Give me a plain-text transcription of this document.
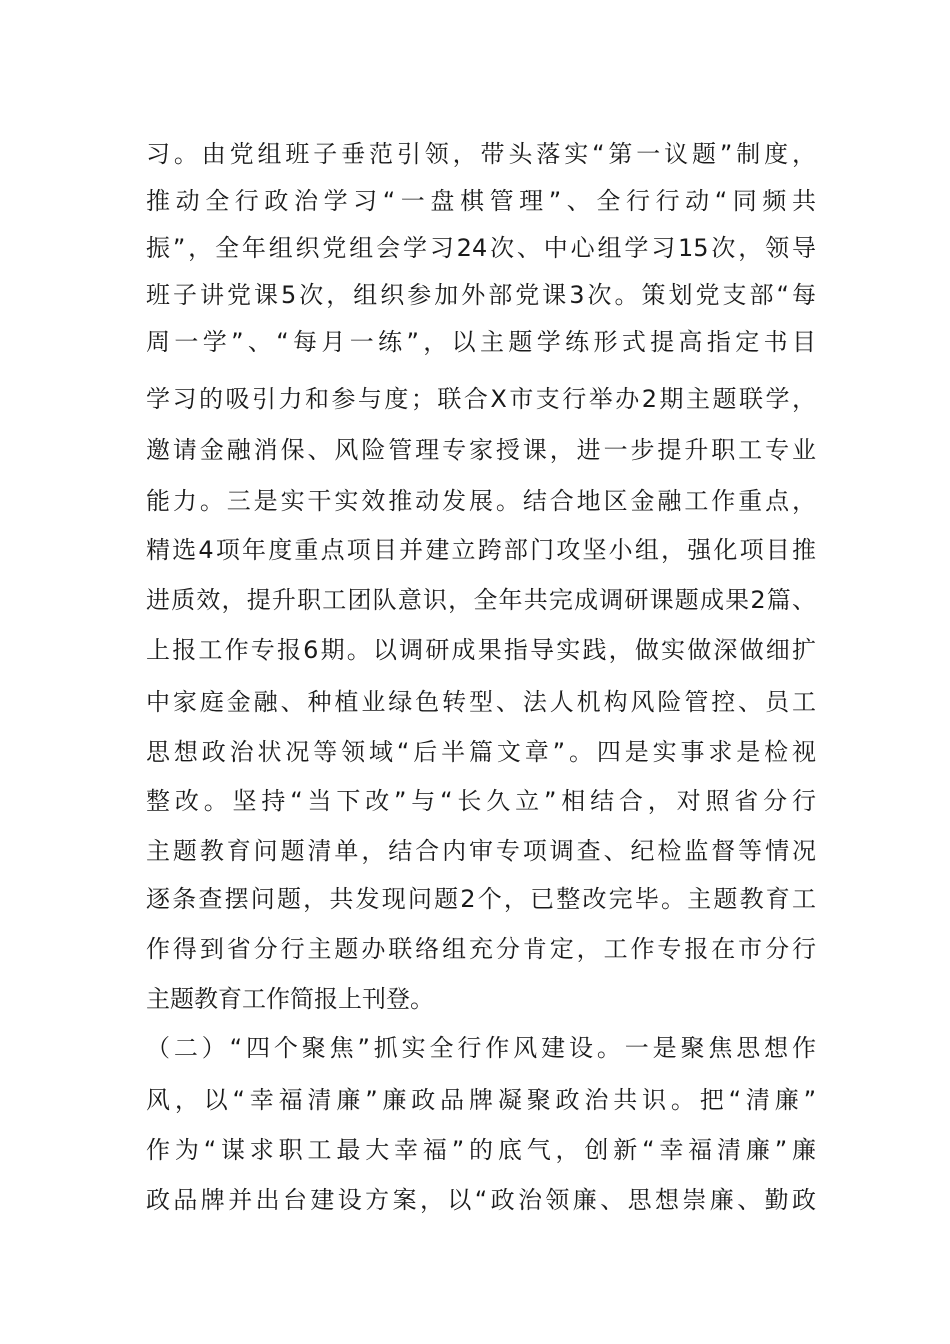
习。由党组班子垂范引领，带头落实“第一议题”制度，
推动全行政治学习“一盘棋管理”、全行行动“同频共
振”，全年组织党组会学习24次、中心组学习15次，领导
班子讲党课5次，组织参加外部党课3次。策划党支部“每
周一学”、“每月一练”，以主题学练形式提高指定书目
学习的吸引力和参与度；联合X市支行举办2期主题联学，
邀请金融消保、风险管理专家授课，进一步提升职工专业
能力。三是实干实效推动发展。结合地区金融工作重点，
精选4项年度重点项目并建立跨部门攻坚小组，强化项目推
进质效，提升职工团队意识，全年共完成调研课题成果2篇、
上报工作专报6期。以调研成果指导实践，做实做深做细扩
中家庭金融、种植业绿色转型、法人机构风险管控、员工
思想政治状况等领域“后半篇文章”。四是实事求是检视
整改。坚持“当下改”与“长久立”相结合，对照省分行
主题教育问题清单，结合内审专项调查、纪检监督等情况
逐条查摆问题，共发现问题2个，已整改完毕。主题教育工
作得到省分行主题办联络组充分肯定，工作专报在市分行
主题教育工作简报上刊登。
（二）“四个聚焦”抓实全行作风建设。一是聚焦思想作
风，以“幸福清廉”廉政品牌凝聚政治共识。把“清廉”
作为“谋求职工最大幸福”的底气，创新“幸福清廉”廉
政品牌并出台建设方案，以“政治领廉、思想崇廉、勤政
